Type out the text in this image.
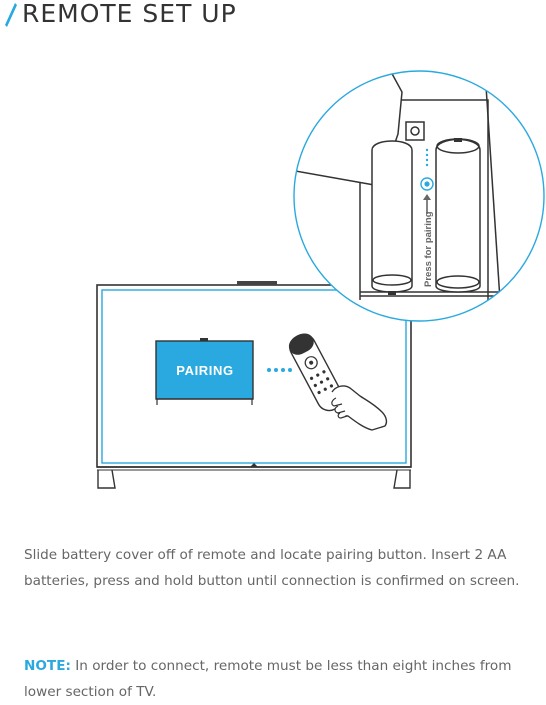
REMOTE SET UP
PAIRING
Press for pairing

Slide battery cover off of remote and locate pairing button. Insert 2 AA batteries, press and hold button until connection is confirmed on screen.

NOTE: In order to connect, remote must be less than eight inches from lower section of TV.
